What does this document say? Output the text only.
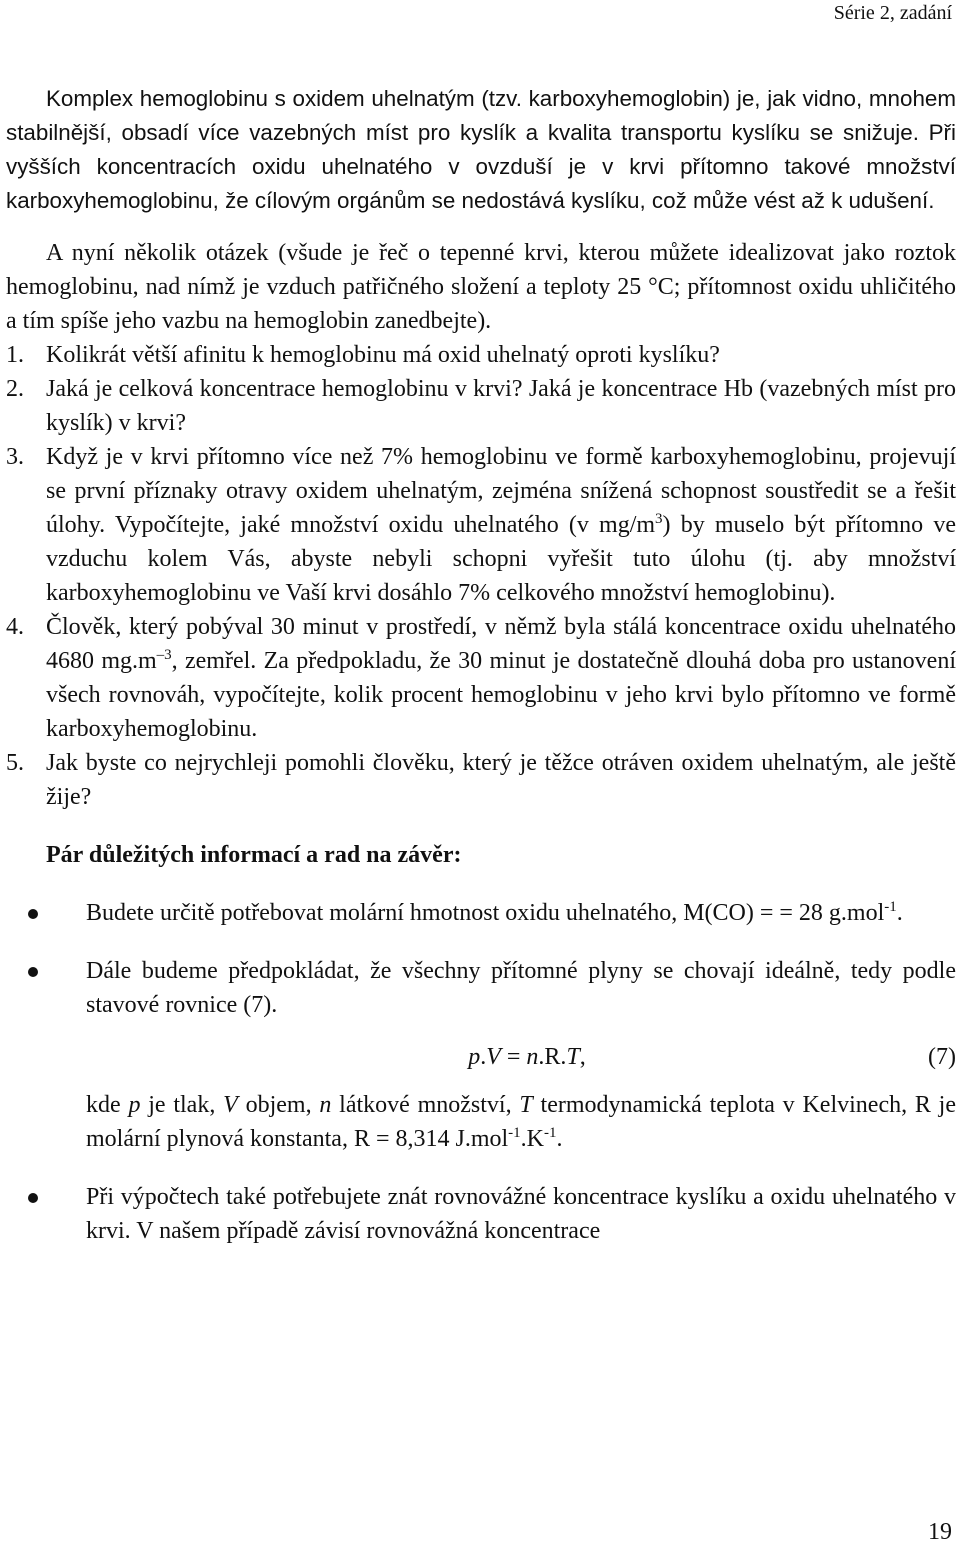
Série 2, zadání

Komplex hemoglobinu s oxidem uhelnatým (tzv. karboxyhemoglobin) je, jak vidno, mnohem stabilnější, obsadí více vazebných míst pro kyslík a kvalita transportu kyslíku se snižuje. Při vyšších koncentracích oxidu uhelnatého v ovzduší je v krvi přítomno takové množství karboxyhemoglobinu, že cílovým orgánům se nedostává kyslíku, což může vést až k udušení.

A nyní několik otázek (všude je řeč o tepenné krvi, kterou můžete idealizovat jako roztok hemoglobinu, nad nímž je vzduch patřičného složení a teploty 25 °C; přítomnost oxidu uhličitého a tím spíše jeho vazbu na hemoglobin zanedbejte).

1. Kolikrát větší afinitu k hemoglobinu má oxid uhelnatý oproti kyslíku?
2. Jaká je celková koncentrace hemoglobinu v krvi? Jaká je koncentrace Hb (vazebných míst pro kyslík) v krvi?
3. Když je v krvi přítomno více než 7% hemoglobinu ve formě karboxyhemoglobinu, projevují se první příznaky otravy oxidem uhelnatým, zejména snížená schopnost soustředit se a řešit úlohy. Vypočítejte, jaké množství oxidu uhelnatého (v $mg/m^3$) by muselo být přítomno ve vzduchu kolem Vás, abyste nebyli schopni vyřešit tuto úlohu (tj. aby množství karboxyhemoglobinu ve Vaší krvi dosáhlo 7% celkového množství hemoglobinu).
4. Člověk, který pobýval 30 minut v prostředí, v němž byla stálá koncentrace oxidu uhelnatého 4680 $mg.m^{-3}$, zemřel. Za předpokladu, že 30 minut je dostatečně dlouhá doba pro ustanovení všech rovnováh, vypočítejte, kolik procent hemoglobinu v jeho krvi bylo přítomno ve formě karboxyhemoglobinu.
5. Jak byste co nejrychleji pomohli člověku, který je těžce otráven oxidem uhelnatým, ale ještě žije?
Pár důležitých informací a rad na závěr:
Budete určitě potřebovat molární hmotnost oxidu uhelnatého, M(CO) = = 28 g.mol$^{-1}$.
Dále budeme předpokládat, že všechny přítomné plyny se chovají ideálně, tedy podle stavové rovnice (7).
p.V = n.R.T,	(7)

kde p je tlak, V objem, n látkové množství, T termodynamická teplota v Kelvinech, R je molární plynová konstanta, R = 8,314 $J.mol^{-1}.K^{-1}$.

Při výpočtech také potřebujete znát rovnovážné koncentrace kyslíku a oxidu uhelnatého v krvi. V našem případě závisí rovnovážná koncentrace
19
